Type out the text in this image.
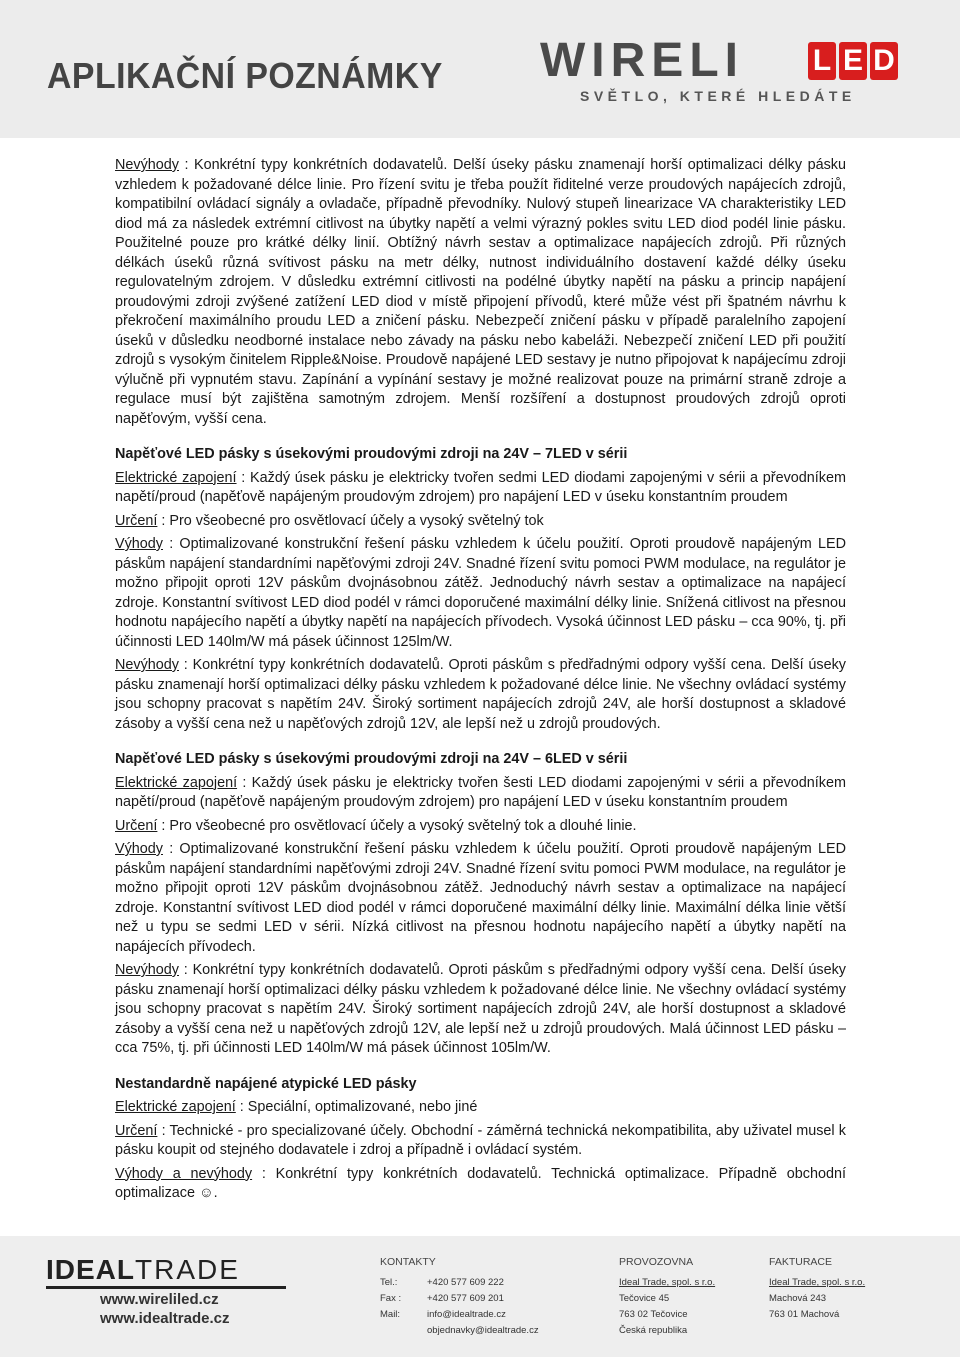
APLIKAČNÍ POZNÁMKY WIRELI L E D
SVĚTLO, KTERÉ HLEDÁTE

Nevýhody : Konkrétní typy konkrétních dodavatelů. Delší úseky pásku znamenají horší optimalizaci délky pásku vzhledem k požadované délce linie. Pro řízení svitu je třeba použít řiditelné verze proudových napájecích zdrojů, kompatibilní ovládací signály a ovladače, případně převodníky. Nulový stupeň linearizace VA charakteristiky LED diod má za následek extrémní citlivost na úbytky napětí a velmi výrazný pokles svitu LED diod podél linie pásku. Použitelné pouze pro krátké délky linií. Obtížný návrh sestav a optimalizace napájecích zdrojů. Při různých délkách úseků různá svítivost pásku na metr délky, nutnost individuálního dostavení každé délky úseku regulovatelným zdrojem. V důsledku extrémní citlivosti na podélné úbytky napětí na pásku a princip napájení proudovými zdroji zvýšené zatížení LED diod v místě připojení přívodů, které může vést při špatném návrhu k překročení maximálního proudu LED a zničení pásku. Nebezpečí zničení pásku v případě paralelního zapojení úseků v důsledku neodborné instalace nebo závady na pásku nebo kabeláži. Nebezpečí zničení LED při použití zdrojů s vysokým činitelem Ripple&Noise. Proudově napájené LED sestavy je nutno připojovat k napájecímu zdroji výlučně při vypnutém stavu. Zapínání a vypínání sestavy je možné realizovat pouze na primární straně zdroje a regulace musí být zajištěna samotným zdrojem. Menší rozšíření a dostupnost proudových zdrojů oproti napěťovým, vyšší cena.

Napěťové LED pásky s úsekovými proudovými zdroji na 24V – 7LED v sérii

Elektrické zapojení : Každý úsek pásku je elektricky tvořen sedmi LED diodami zapojenými v sérii a převodníkem napětí/proud (napěťově napájeným proudovým zdrojem) pro napájení LED v úseku konstantním proudem

Určení : Pro všeobecné pro osvětlovací účely a vysoký světelný tok

Výhody : Optimalizované konstrukční řešení pásku vzhledem k účelu použití. Oproti proudově napájeným LED páskům napájení standardními napěťovými zdroji 24V. Snadné řízení svitu pomoci PWM modulace, na regulátor je možno připojit oproti 12V páskům dvojnásobnou zátěž. Jednoduchý návrh sestav a optimalizace na napájecí zdroje. Konstantní svítivost LED diod podél v rámci doporučené maximální délky linie. Snížená citlivost na přesnou hodnotu napájecího napětí a úbytky napětí na napájecích přívodech. Vysoká účinnost LED pásku – cca 90%, tj. při účinnosti LED 140lm/W má pásek účinnost 125lm/W.

Nevýhody : Konkrétní typy konkrétních dodavatelů. Oproti páskům s předřadnými odpory vyšší cena. Delší úseky pásku znamenají horší optimalizaci délky pásku vzhledem k požadované délce linie. Ne všechny ovládací systémy jsou schopny pracovat s napětím 24V. Široký sortiment napájecích zdrojů 24V, ale horší dostupnost a skladové zásoby a vyšší cena než u napěťových zdrojů 12V, ale lepší než u zdrojů proudových.

Napěťové LED pásky s úsekovými proudovými zdroji na 24V – 6LED v sérii

Elektrické zapojení : Každý úsek pásku je elektricky tvořen šesti LED diodami zapojenými v sérii a převodníkem napětí/proud (napěťově napájeným proudovým zdrojem) pro napájení LED v úseku konstantním proudem

Určení : Pro všeobecné pro osvětlovací účely a vysoký světelný tok a dlouhé linie.

Výhody : Optimalizované konstrukční řešení pásku vzhledem k účelu použití. Oproti proudově napájeným LED páskům napájení standardními napěťovými zdroji 24V. Snadné řízení svitu pomoci PWM modulace, na regulátor je možno připojit oproti 12V páskům dvojnásobnou zátěž. Jednoduchý návrh sestav a optimalizace na napájecí zdroje. Konstantní svítivost LED diod podél v rámci doporučené maximální délky linie. Maximální délka linie větší než u typu se sedmi LED v sérii. Nízká citlivost na přesnou hodnotu napájecího napětí a úbytky napětí na napájecích přívodech.

Nevýhody : Konkrétní typy konkrétních dodavatelů. Oproti páskům s předřadnými odpory vyšší cena. Delší úseky pásku znamenají horší optimalizaci délky pásku vzhledem k požadované délce linie. Ne všechny ovládací systémy jsou schopny pracovat s napětím 24V. Široký sortiment napájecích zdrojů 24V, ale horší dostupnost a skladové zásoby a vyšší cena než u napěťových zdrojů 12V, ale lepší než u zdrojů proudových. Malá účinnost LED pásku – cca 75%, tj. při účinnosti LED 140lm/W má pásek účinnost 105lm/W.

Nestandardně napájené atypické LED pásky

Elektrické zapojení : Speciální, optimalizované, nebo jiné

Určení : Technické - pro specializované účely. Obchodní - záměrná technická nekompatibilita, aby uživatel musel k pásku koupit od stejného dodavatele i zdroj a případně i ovládací systém.

Výhody a nevýhody : Konkrétní typy konkrétních dodavatelů. Technická optimalizace. Případně obchodní optimalizace ☺.

IDEALTRADE
www.wireliled.cz
www.idealtrade.cz
KONTAKTY
Tel.:	+420 577 609 222
Fax :	+420 577 609 201
Mail:	info@idealtrade.cz
objednavky@idealtrade.cz
PROVOZOVNA
Ideal Trade, spol. s r.o.
Tečovice 45
763 02 Tečovice
Česká republika
FAKTURACE
Ideal Trade, spol. s r.o.
Machová 243
763 01 Machová
